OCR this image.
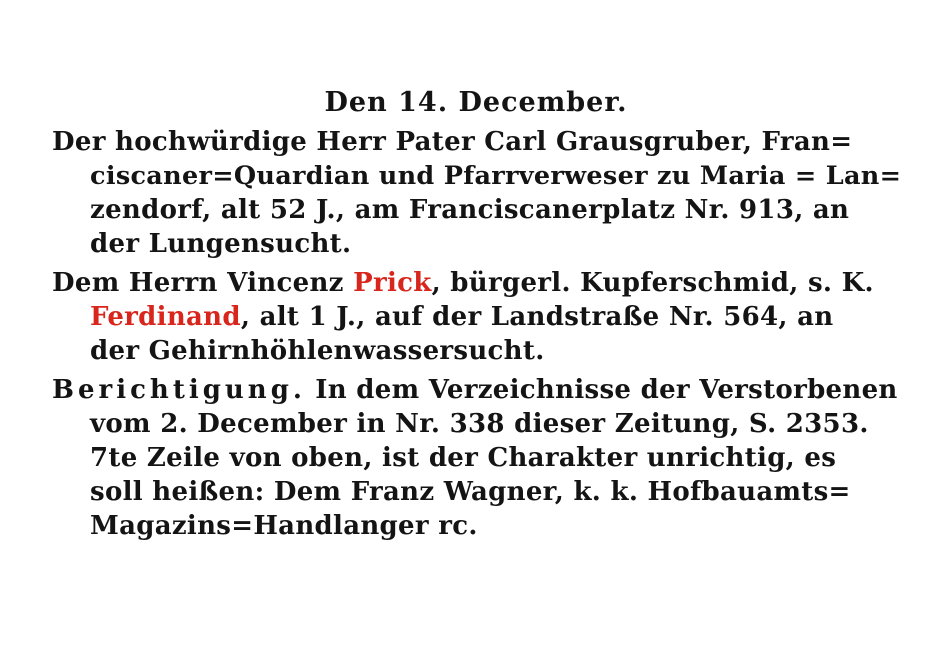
Den 14. December.
Der hochwürdige Herr Pater Carl Grausgruber, Fran=
ciscaner=Quardian und Pfarrverweser zu Maria = Lan=
zendorf, alt 52 J., am Franciscanerplatz Nr. 913, an
der Lungensucht.
Dem Herrn Vincenz Prick, bürgerl. Kupferschmid, s. K.
Ferdinand, alt 1 J., auf der Landstraße Nr. 564, an
der Gehirnhöhlenwassersucht.
Berichtigung. In dem Verzeichnisse der Verstorbenen
vom 2. December in Nr. 338 dieser Zeitung, S. 2353.
7te Zeile von oben, ist der Charakter unrichtig, es
soll heißen: Dem Franz Wagner, k. k. Hofbauamts=
Magazins=Handlanger rc.
